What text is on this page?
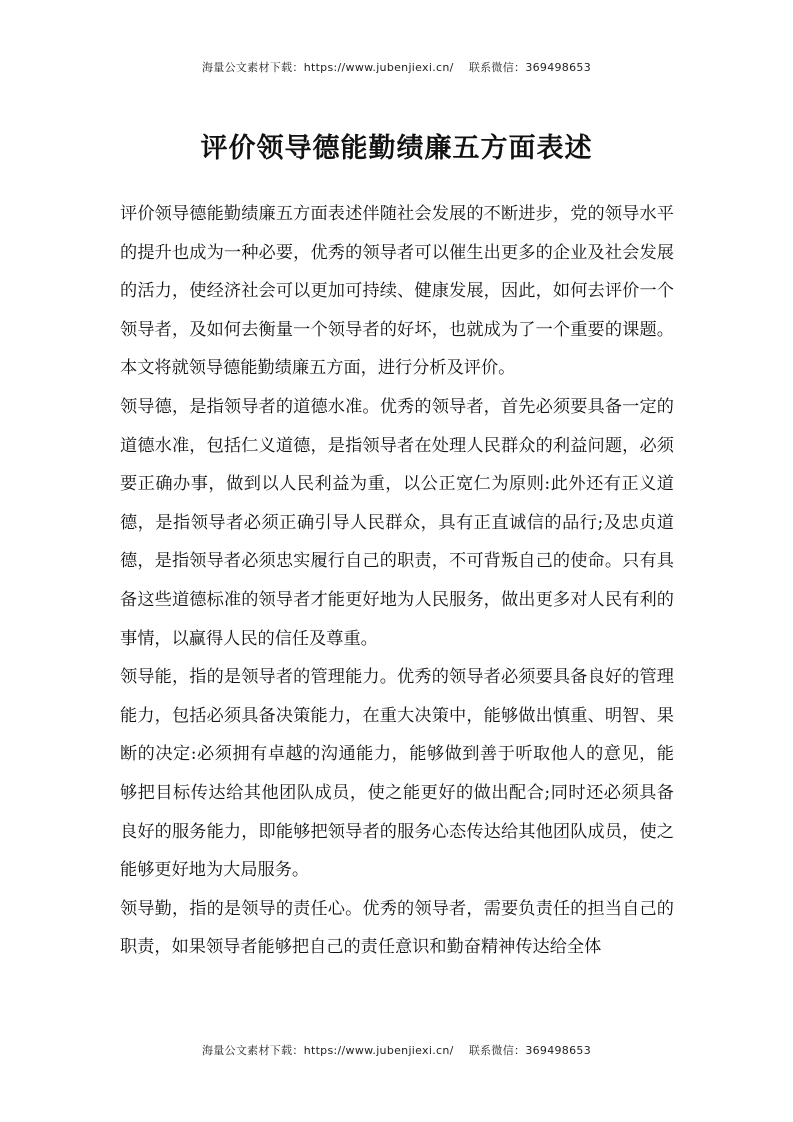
海量公文素材下载：https://www.jubenjiexi.cn/ 联系微信：369498653
评价领导德能勤绩廉五方面表述

评价领导德能勤绩廉五方面表述伴随社会发展的不断进步，党的领导水平的提升也成为一种必要，优秀的领导者可以催生出更多的企业及社会发展的活力，使经济社会可以更加可持续、健康发展，因此，如何去评价一个领导者，及如何去衡量一个领导者的好坏，也就成为了一个重要的课题。本文将就领导德能勤绩廉五方面，进行分析及评价。

领导德，是指领导者的道德水准。优秀的领导者，首先必须要具备一定的道德水准，包括仁义道德，是指领导者在处理人民群众的利益问题，必须要正确办事，做到以人民利益为重，以公正宽仁为原则:此外还有正义道德，是指领导者必须正确引导人民群众，具有正直诚信的品行;及忠贞道德，是指领导者必须忠实履行自己的职责，不可背叛自己的使命。只有具备这些道德标准的领导者才能更好地为人民服务，做出更多对人民有利的事情，以赢得人民的信任及尊重。

领导能，指的是领导者的管理能力。优秀的领导者必须要具备良好的管理能力，包括必须具备决策能力，在重大决策中，能够做出慎重、明智、果断的决定:必须拥有卓越的沟通能力，能够做到善于听取他人的意见，能够把目标传达给其他团队成员，使之能更好的做出配合;同时还必须具备良好的服务能力，即能够把领导者的服务心态传达给其他团队成员，使之能够更好地为大局服务。

领导勤，指的是领导的责任心。优秀的领导者，需要负责任的担当自己的职责，如果领导者能够把自己的责任意识和勤奋精神传达给全体

海量公文素材下载：https://www.jubenjiexi.cn/ 联系微信：369498653
